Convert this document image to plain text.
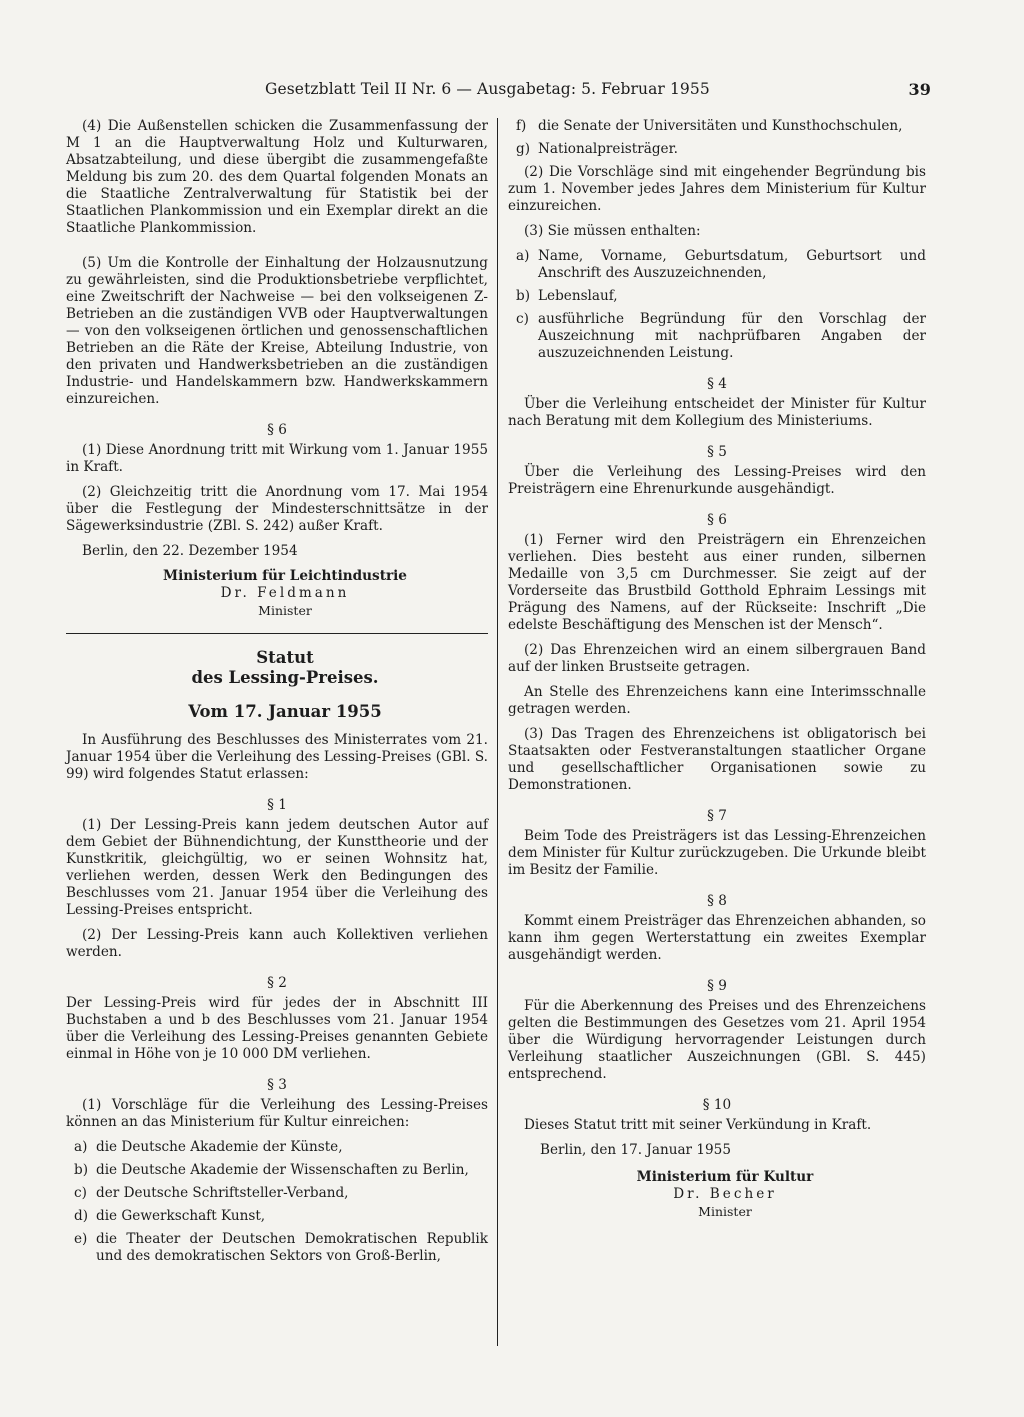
Gesetzblatt Teil II Nr. 6 — Ausgabetag: 5. Februar 1955	39

(4) Die Außenstellen schicken die Zusammenfassung der M 1 an die Hauptverwaltung Holz und Kulturwaren, Absatzabteilung, und diese übergibt die zusammengefaßte Meldung bis zum 20. des dem Quartal folgenden Monats an die Staatliche Zentralverwaltung für Statistik bei der Staatlichen Plankommission und ein Exemplar direkt an die Staatliche Plankommission.

(5) Um die Kontrolle der Einhaltung der Holzausnutzung zu gewährleisten, sind die Produktionsbetriebe verpflichtet, eine Zweitschrift der Nachweise — bei den volkseigenen Z-Betrieben an die zuständigen VVB oder Hauptverwaltungen — von den volkseigenen örtlichen und genossenschaftlichen Betrieben an die Räte der Kreise, Abteilung Industrie, von den privaten und Handwerksbetrieben an die zuständigen Industrie- und Handelskammern bzw. Handwerkskammern einzureichen.

§ 6

(1) Diese Anordnung tritt mit Wirkung vom 1. Januar 1955 in Kraft.

(2) Gleichzeitig tritt die Anordnung vom 17. Mai 1954 über die Festlegung der Mindesterschnittsätze in der Sägewerksindustrie (ZBl. S. 242) außer Kraft.

Berlin, den 22. Dezember 1954

Ministerium für Leichtindustrie

Dr. Feldmann

Minister

Statut

des Lessing-Preises.

Vom 17. Januar 1955

In Ausführung des Beschlusses des Ministerrates vom 21. Januar 1954 über die Verleihung des Lessing-Preises (GBl. S. 99) wird folgendes Statut erlassen:

§ 1

(1) Der Lessing-Preis kann jedem deutschen Autor auf dem Gebiet der Bühnendichtung, der Kunsttheorie und der Kunstkritik, gleichgültig, wo er seinen Wohnsitz hat, verliehen werden, dessen Werk den Bedingungen des Beschlusses vom 21. Januar 1954 über die Verleihung des Lessing-Preises entspricht.

(2) Der Lessing-Preis kann auch Kollektiven verliehen werden.

§ 2

Der Lessing-Preis wird für jedes der in Abschnitt III Buchstaben a und b des Beschlusses vom 21. Januar 1954 über die Verleihung des Lessing-Preises genannten Gebiete einmal in Höhe von je 10 000 DM verliehen.

§ 3

(1) Vorschläge für die Verleihung des Lessing-Preises können an das Ministerium für Kultur einreichen:

a) die Deutsche Akademie der Künste,
b) die Deutsche Akademie der Wissenschaften zu Berlin,
c) der Deutsche Schriftsteller-Verband,
d) die Gewerkschaft Kunst,
e) die Theater der Deutschen Demokratischen Republik und des demokratischen Sektors von Groß-Berlin,
f) die Senate der Universitäten und Kunsthochschulen,
g) Nationalpreisträger.

(2) Die Vorschläge sind mit eingehender Begründung bis zum 1. November jedes Jahres dem Ministerium für Kultur einzureichen.

(3) Sie müssen enthalten:

a) Name, Vorname, Geburtsdatum, Geburtsort und Anschrift des Auszuzeichnenden,
b) Lebenslauf,
c) ausführliche Begründung für den Vorschlag der Auszeichnung mit nachprüfbaren Angaben der auszuzeichnenden Leistung.
§ 4

Über die Verleihung entscheidet der Minister für Kultur nach Beratung mit dem Kollegium des Ministeriums.

§ 5

Über die Verleihung des Lessing-Preises wird den Preisträgern eine Ehrenurkunde ausgehändigt.

§ 6

(1) Ferner wird den Preisträgern ein Ehrenzeichen verliehen. Dies besteht aus einer runden, silbernen Medaille von 3,5 cm Durchmesser. Sie zeigt auf der Vorderseite das Brustbild Gotthold Ephraim Lessings mit Prägung des Namens, auf der Rückseite: Inschrift „Die edelste Beschäftigung des Menschen ist der Mensch“.

(2) Das Ehrenzeichen wird an einem silbergrauen Band auf der linken Brustseite getragen.

An Stelle des Ehrenzeichens kann eine Interimsschnalle getragen werden.

(3) Das Tragen des Ehrenzeichens ist obligatorisch bei Staatsakten oder Festveranstaltungen staatlicher Organe und gesellschaftlicher Organisationen sowie zu Demonstrationen.

§ 7

Beim Tode des Preisträgers ist das Lessing-Ehrenzeichen dem Minister für Kultur zurückzugeben. Die Urkunde bleibt im Besitz der Familie.

§ 8

Kommt einem Preisträger das Ehrenzeichen abhanden, so kann ihm gegen Werterstattung ein zweites Exemplar ausgehändigt werden.

§ 9

Für die Aberkennung des Preises und des Ehrenzeichens gelten die Bestimmungen des Gesetzes vom 21. April 1954 über die Würdigung hervorragender Leistungen durch Verleihung staatlicher Auszeichnungen (GBl. S. 445) entsprechend.

§ 10

Dieses Statut tritt mit seiner Verkündung in Kraft.

Berlin, den 17. Januar 1955

Ministerium für Kultur

Dr. Becher

Minister
